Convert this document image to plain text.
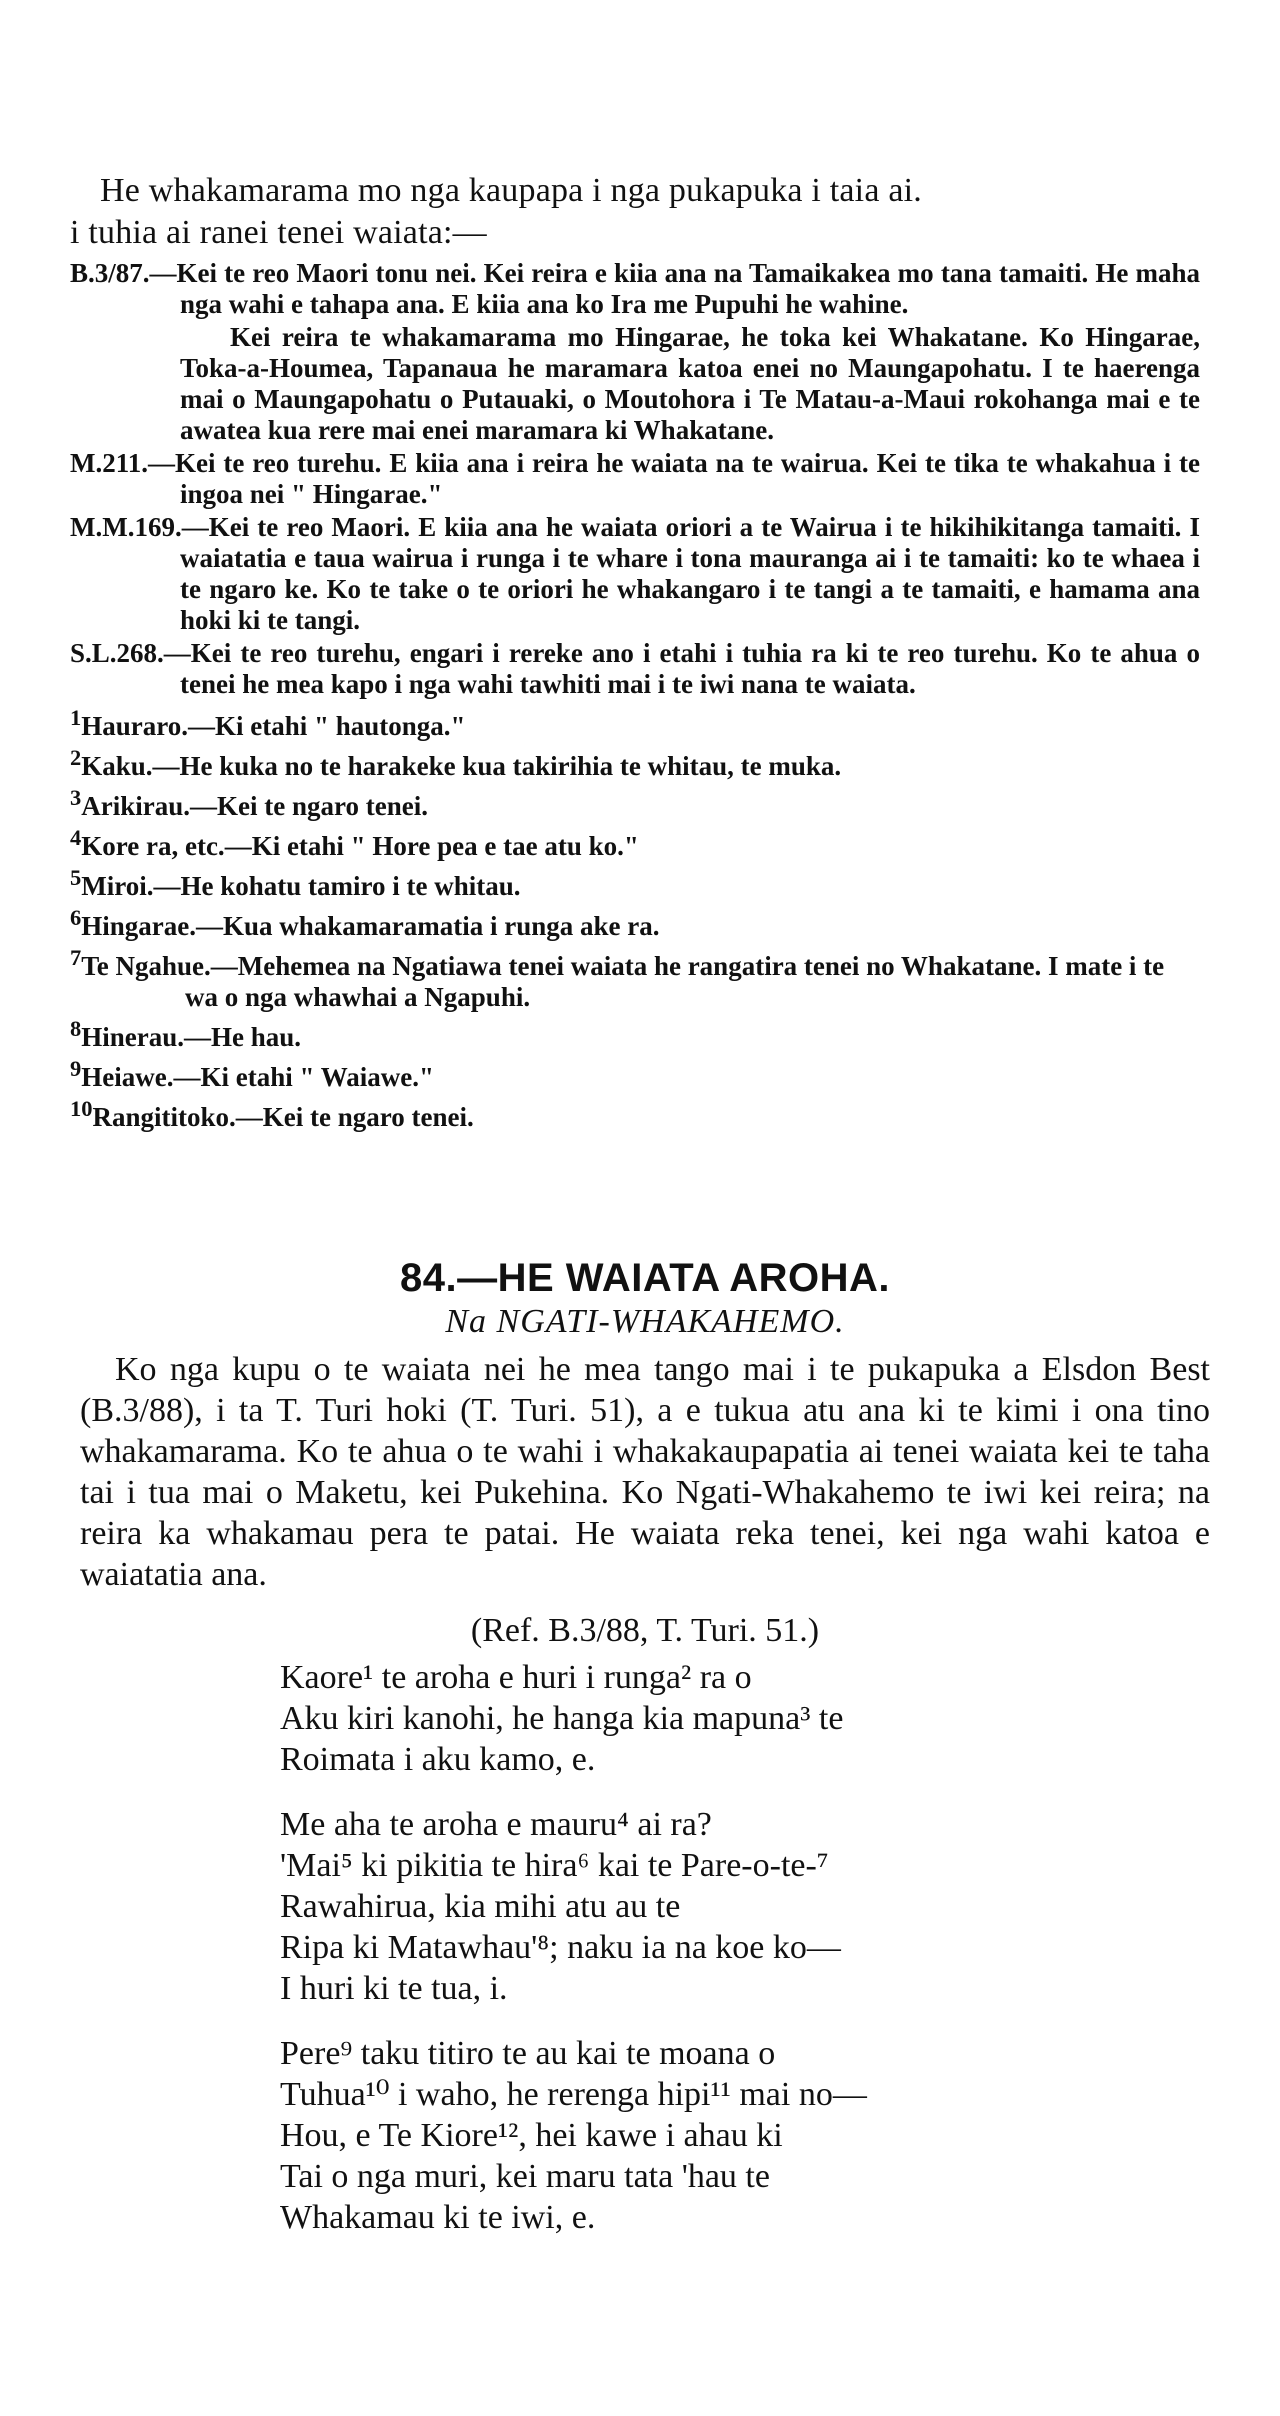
He whakamarama mo nga kaupapa i nga pukapuka i taia ai.
i tuhia ai ranei tenei waiata:—

B.3/87.—Kei te reo Maori tonu nei. Kei reira e kiia ana na Tamaikakea mo tana tamaiti. He maha nga wahi e tahapa ana. E kiia ana ko Ira me Pupuhi he wahine.
Kei reira te whakamarama mo Hingarae, he toka kei Whakatane. Ko Hingarae, Toka-a-Houmea, Tapanaua he maramara katoa enei no Maungapohatu. I te haerenga mai o Maungapohatu o Putauaki, o Moutohora i Te Matau-a-Maui rokohanga mai e te awatea kua rere mai enei maramara ki Whakatane.

M.211.—Kei te reo turehu. E kiia ana i reira he waiata na te wairua. Kei te tika te whakahua i te ingoa nei " Hingarae."

M.M.169.—Kei te reo Maori. E kiia ana he waiata oriori a te Wairua i te hikihikitanga tamaiti. I waiatatia e taua wairua i runga i te whare i tona mauranga ai i te tamaiti: ko te whaea i te ngaro ke. Ko te take o te oriori he whakangaro i te tangi a te tamaiti, e hamama ana hoki ki te tangi.

S.L.268.—Kei te reo turehu, engari i rereke ano i etahi i tuhia ra ki te reo turehu. Ko te ahua o tenei he mea kapo i nga wahi tawhiti mai i te iwi nana te waiata.

$^1$Hauraro.—Ki etahi " hautonga."

$^2$Kaku.—He kuka no te harakeke kua takirihia te whitau, te muka.

$^3$Arikirau.—Kei te ngaro tenei.

$^4$Kore ra, etc.—Ki etahi " Hore pea e tae atu ko."

$^5$Miroi.—He kohatu tamiro i te whitau.

$^6$Hingarae.—Kua whakamaramatia i runga ake ra.

$^7$Te Ngahue.—Mehemea na Ngatiawa tenei waiata he rangatira tenei no Whakatane. I mate i te wa o nga whawhai a Ngapuhi.

$^8$Hinerau.—He hau.

$^9$Heiawe.—Ki etahi " Waiawe."

$^{10}$Rangititoko.—Kei te ngaro tenei.

84.—HE WAIATA AROHA.

Na NGATI-WHAKAHEMO.

Ko nga kupu o te waiata nei he mea tango mai i te pukapuka a Elsdon Best (B.3/88), i ta T. Turi hoki (T. Turi. 51), a e tukua atu ana ki te kimi i ona tino whakamarama. Ko te ahua o te wahi i whakakaupapatia ai tenei waiata kei te taha tai i tua mai o Maketu, kei Pukehina. Ko Ngati-Whakahemo te iwi kei reira; na reira ka whakamau pera te patai. He waiata reka tenei, kei nga wahi katoa e waiatatia ana.

(Ref. B.3/88, T. Turi. 51.)

Kaore¹ te aroha e huri i runga² ra o
Aku kiri kanohi, he hanga kia mapuna³ te
Roimata i aku kamo, e.
Me aha te aroha e mauru⁴ ai ra?
'Mai⁵ ki pikitia te hira⁶ kai te Pare-o-te-⁷
Rawahirua, kia mihi atu au te
Ripa ki Matawhau'⁸; naku ia na koe ko—
I huri ki te tua, i.
Pere⁹ taku titiro te au kai te moana o
Tuhua¹⁰ i waho, he rerenga hipi¹¹ mai no—
Hou, e Te Kiore¹², hei kawe i ahau ki
Tai o nga muri, kei maru tata 'hau te
Whakamau ki te iwi, e.
